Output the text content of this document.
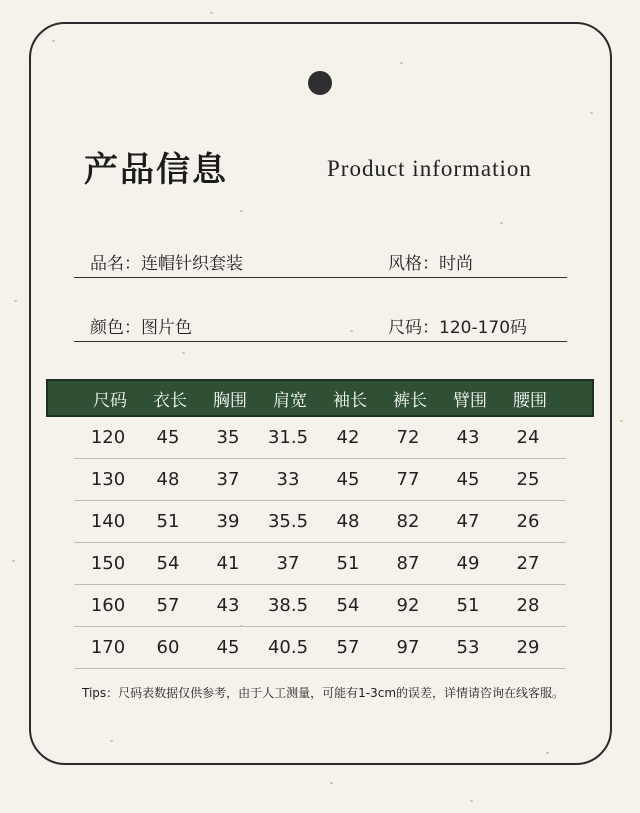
产品信息	Product information
品名：连帽针织套装	风格：时尚
颜色：图片色	尺码：120-170码
尺码	衣长	胸围	肩宽	袖长	裤长	臂围	腰围
120	45	35	31.5	42	72	43	24
130	48	37	33	45	77	45	25
140	51	39	35.5	48	82	47	26
150	54	41	37	51	87	49	27
160	57	43	38.5	54	92	51	28
170	60	45	40.5	57	97	53	29
Tips：尺码表数据仅供参考，由于人工测量，可能有1-3cm的误差，详情请咨询在线客服。
